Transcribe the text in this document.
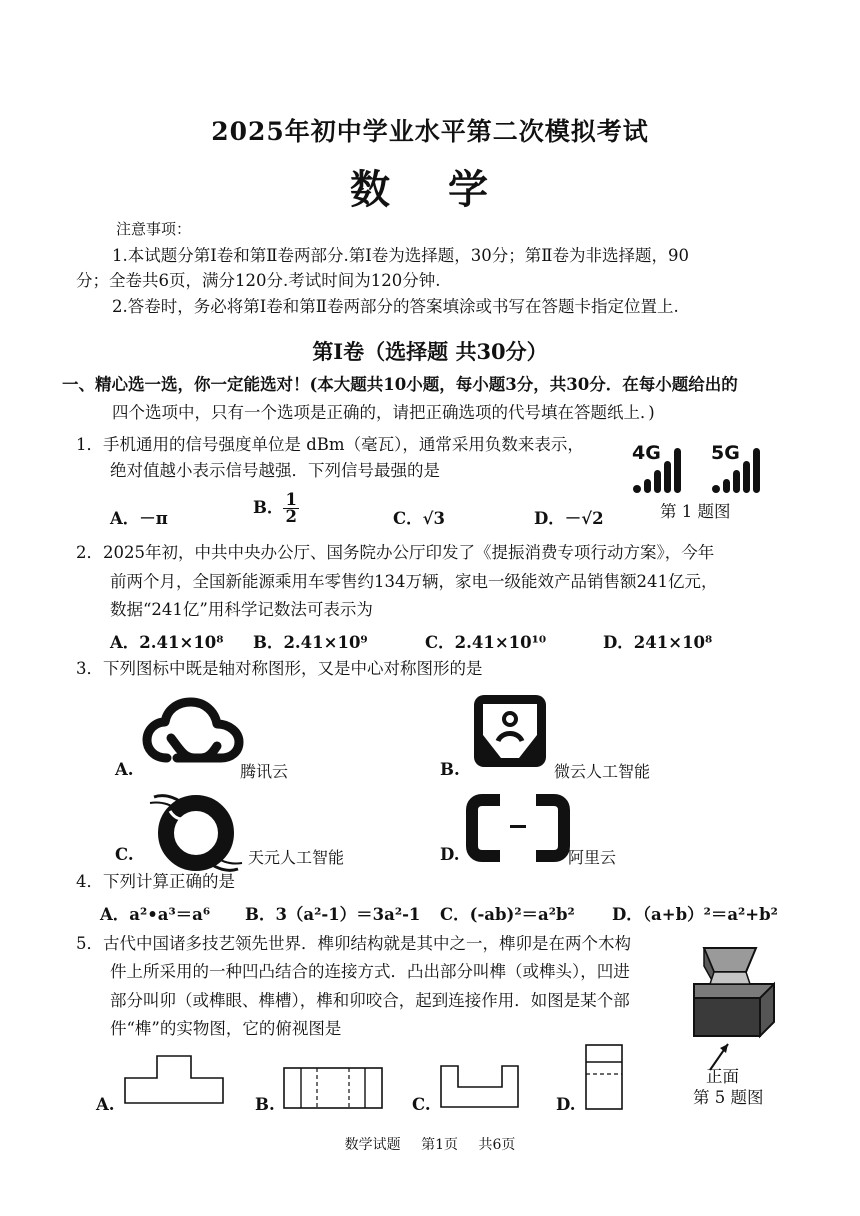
2025年初中学业水平第二次模拟考试
数 学
注意事项：
1.本试题分第Ⅰ卷和第Ⅱ卷两部分.第Ⅰ卷为选择题，30分；第Ⅱ卷为非选择题，90
分；全卷共6页，满分120分.考试时间为120分钟.
2.答卷时，务必将第Ⅰ卷和第Ⅱ卷两部分的答案填涂或书写在答题卡指定位置上.
第Ⅰ卷（选择题 共30分）
一、精心选一选，你一定能选对！(本大题共10小题，每小题3分，共30分．在每小题给出的
四个选项中，只有一个选项是正确的，请把正确选项的代号填在答题纸上．)
1．手机通用的信号强度单位是 dBm（毫瓦），通常采用负数来表示，
绝对值越小表示信号越强．下列信号最强的是
A．－π
B． $\frac{1}{2}$	C．√3	D．－√2
4G	5G
第 1 题图
2．2025年初，中共中央办公厅、国务院办公厅印发了《提振消费专项行动方案》，今年
前两个月，全国新能源乘用车零售约134万辆，家电一级能效产品销售额241亿元，
数据“241亿”用科学记数法可表示为
A．2.41×10⁸ B．2.41×10⁹	C．2.41×10¹⁰	D．241×10⁸
3．下列图标中既是轴对称图形，又是中心对称图形的是
A.	腾讯云	B.	微云人工智能
C.	天元人工智能	D.	阿里云
4．下列计算正确的是
A．a²•a³＝a⁶ B．3（a²-1）＝3a²-1 C．(-ab)²＝a²b² D．（a+b）²＝a²+b²
5．古代中国诸多技艺领先世界．榫卯结构就是其中之一，榫卯是在两个木构
件上所采用的一种凹凸结合的连接方式．凸出部分叫榫（或榫头），凹进
部分叫卯（或榫眼、榫槽），榫和卯咬合，起到连接作用．如图是某个部
件“榫”的实物图，它的俯视图是
正面
第 5 题图
A.	B.	C.	D.
数学试题 第1页 共6页
